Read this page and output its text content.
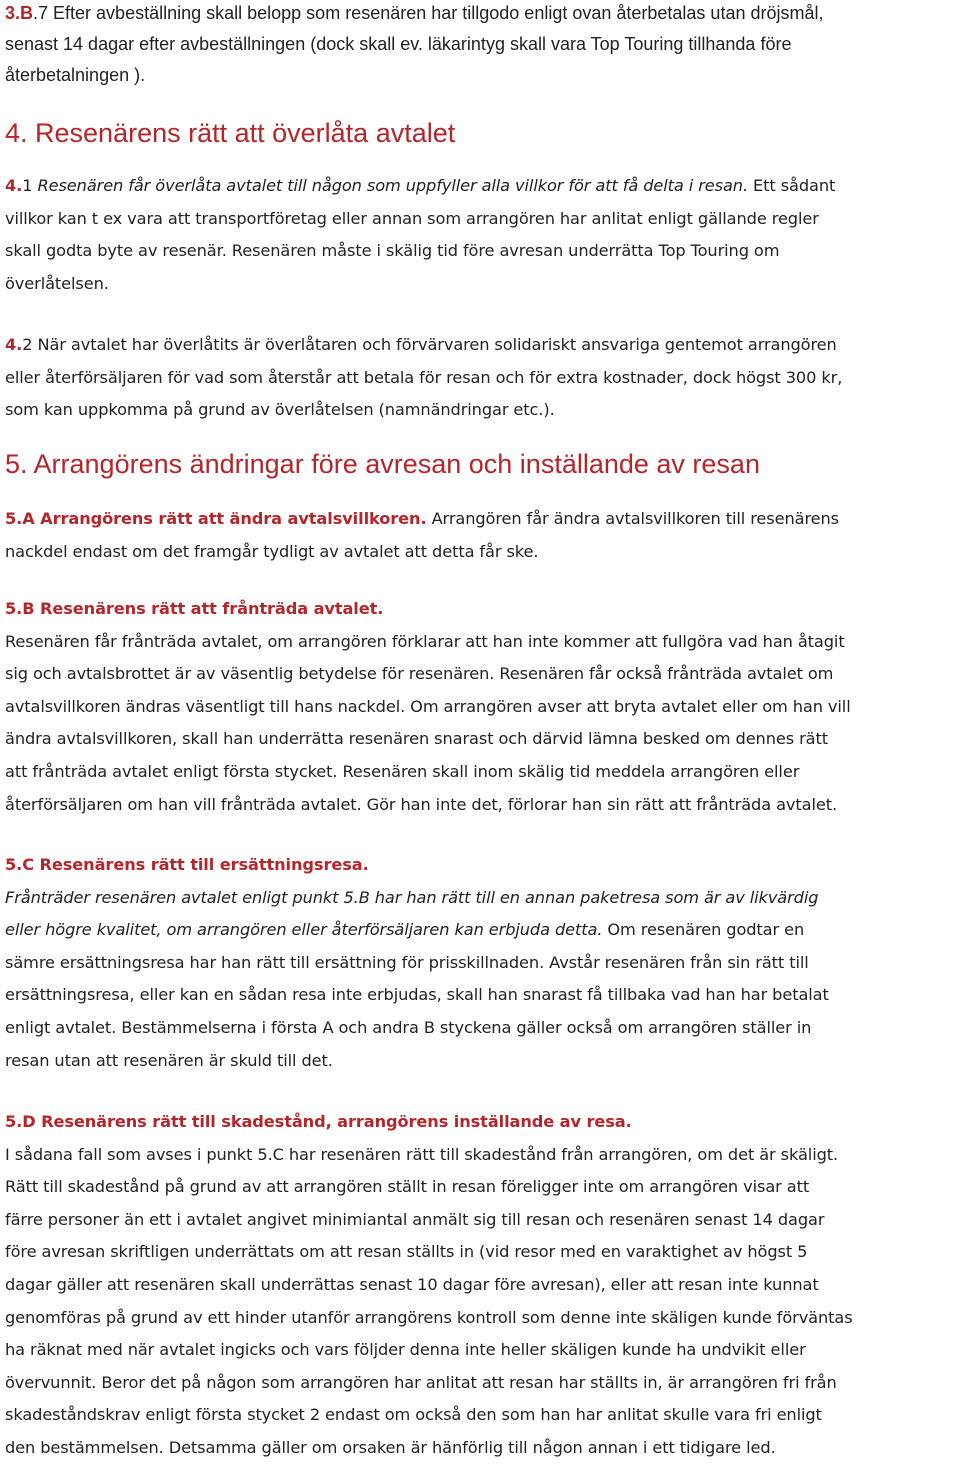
3.B.7 Efter avbeställning skall belopp som resenären har tillgodo enligt ovan återbetalas utan dröjsmål,
senast 14 dagar efter avbeställningen (dock skall ev. läkarintyg skall vara Top Touring tillhanda före
återbetalningen ).
4. Resenärens rätt att överlåta avtalet
4.1 Resenären får överlåta avtalet till någon som uppfyller alla villkor för att få delta i resan. Ett sådant
villkor kan t ex vara att transportföretag eller annan som arrangören har anlitat enligt gällande regler
skall godta byte av resenär. Resenären måste i skälig tid före avresan underrätta Top Touring om
överlåtelsen.
4.2 När avtalet har överlåtits är överlåtaren och förvärvaren solidariskt ansvariga gentemot arrangören
eller återförsäljaren för vad som återstår att betala för resan och för extra kostnader, dock högst 300 kr,
som kan uppkomma på grund av överlåtelsen (namnändringar etc.).
5. Arrangörens ändringar före avresan och inställande av resan
5.A Arrangörens rätt att ändra avtalsvillkoren. Arrangören får ändra avtalsvillkoren till resenärens
nackdel endast om det framgår tydligt av avtalet att detta får ske.
5.B Resenärens rätt att frånträda avtalet.
Resenären får frånträda avtalet, om arrangören förklarar att han inte kommer att fullgöra vad han åtagit
sig och avtalsbrottet är av väsentlig betydelse för resenären. Resenären får också frånträda avtalet om
avtalsvillkoren ändras väsentligt till hans nackdel. Om arrangören avser att bryta avtalet eller om han vill
ändra avtalsvillkoren, skall han underrätta resenären snarast och därvid lämna besked om dennes rätt
att frånträda avtalet enligt första stycket. Resenären skall inom skälig tid meddela arrangören eller
återförsäljaren om han vill frånträda avtalet. Gör han inte det, förlorar han sin rätt att frånträda avtalet.
5.C Resenärens rätt till ersättningsresa.
Frånträder resenären avtalet enligt punkt 5.B har han rätt till en annan paketresa som är av likvärdig
eller högre kvalitet, om arrangören eller återförsäljaren kan erbjuda detta. Om resenären godtar en
sämre ersättningsresa har han rätt till ersättning för prisskillnaden. Avstår resenären från sin rätt till
ersättningsresa, eller kan en sådan resa inte erbjudas, skall han snarast få tillbaka vad han har betalat
enligt avtalet. Bestämmelserna i första A och andra B styckena gäller också om arrangören ställer in
resan utan att resenären är skuld till det.
5.D Resenärens rätt till skadestånd, arrangörens inställande av resa.
I sådana fall som avses i punkt 5.C har resenären rätt till skadestånd från arrangören, om det är skäligt.
Rätt till skadestånd på grund av att arrangören ställt in resan föreligger inte om arrangören visar att
färre personer än ett i avtalet angivet minimiantal anmält sig till resan och resenären senast 14 dagar
före avresan skriftligen underrättats om att resan ställts in (vid resor med en varaktighet av högst 5
dagar gäller att resenären skall underrättas senast 10 dagar före avresan), eller att resan inte kunnat
genomföras på grund av ett hinder utanför arrangörens kontroll som denne inte skäligen kunde förväntas
ha räknat med när avtalet ingicks och vars följder denna inte heller skäligen kunde ha undvikit eller
övervunnit. Beror det på någon som arrangören har anlitat att resan har ställts in, är arrangören fri från
skadeståndskrav enligt första stycket 2 endast om också den som han har anlitat skulle vara fri enligt
den bestämmelsen. Detsamma gäller om orsaken är hänförlig till någon annan i ett tidigare led.
